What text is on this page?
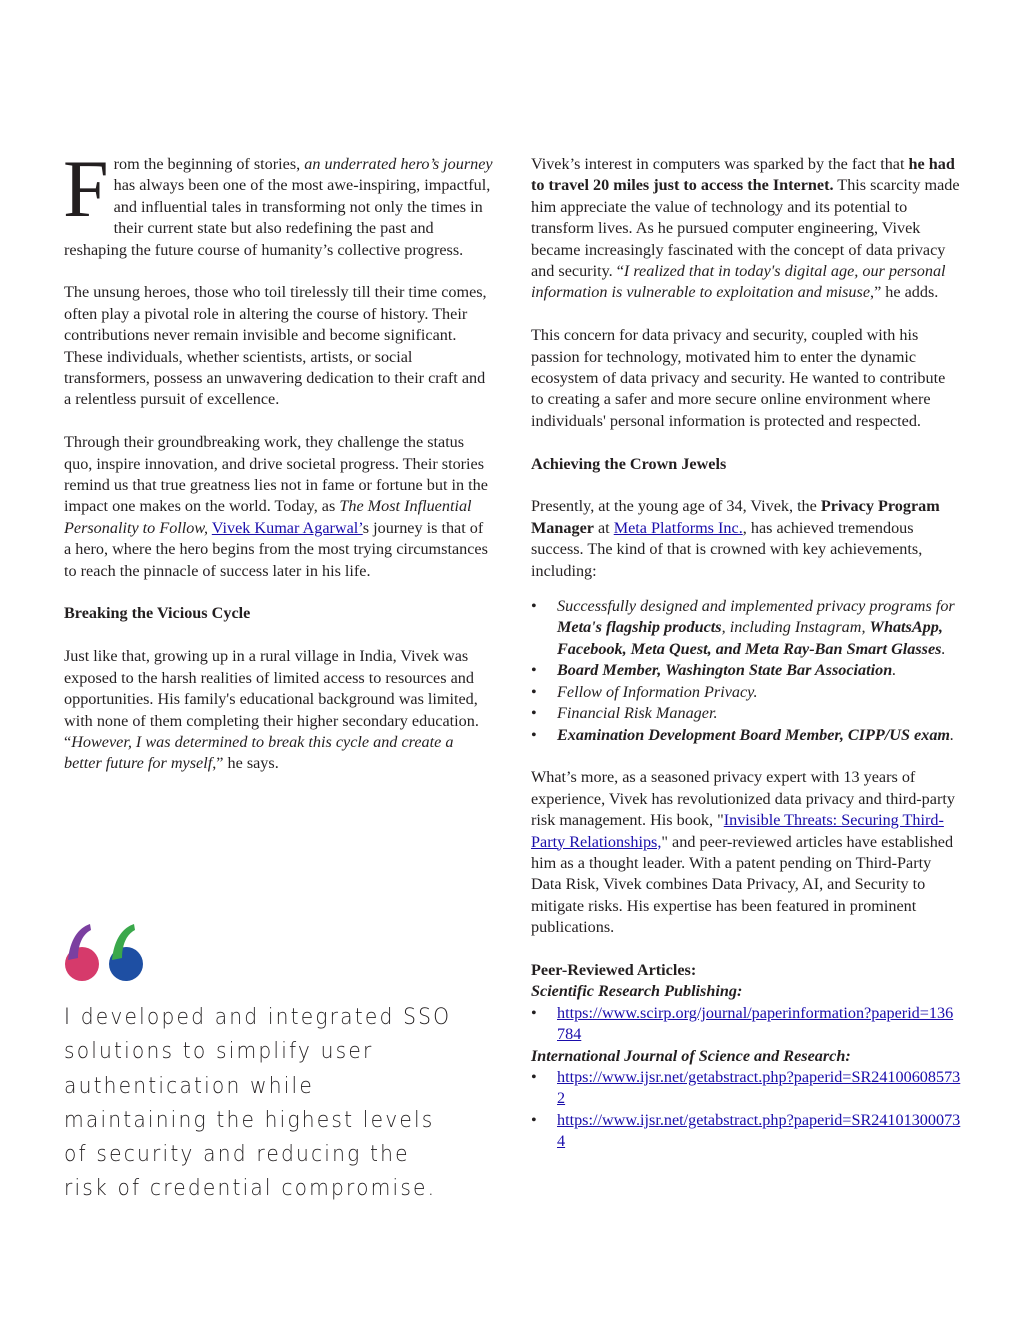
From the beginning of stories, an underrated hero’s journey has always been one of the most awe-inspiring, impactful, and influential tales in transforming not only the times in their current state but also redefining the past and reshaping the future course of humanity’s collective progress.

The unsung heroes, those who toil tirelessly till their time comes, often play a pivotal role in altering the course of history. Their contributions never remain invisible and become significant. These individuals, whether scientists, artists, or social transformers, possess an unwavering dedication to their craft and a relentless pursuit of excellence.

Through their groundbreaking work, they challenge the status quo, inspire innovation, and drive societal progress. Their stories remind us that true greatness lies not in fame or fortune but in the impact one makes on the world. Today, as The Most Influential Personality to Follow, Vivek Kumar Agarwal’s journey is that of a hero, where the hero begins from the most trying circumstances to reach the pinnacle of success later in his life.

Breaking the Vicious Cycle

Just like that, growing up in a rural village in India, Vivek was exposed to the harsh realities of limited access to resources and opportunities. His family's educational background was limited, with none of them completing their higher secondary education. “However, I was determined to break this cycle and create a better future for myself,” he says.

I developed and integrated SSO solutions to simplify user authentication while maintaining the highest levels of security and reducing the risk of credential compromise.

Vivek’s interest in computers was sparked by the fact that he had to travel 20 miles just to access the Internet. This scarcity made him appreciate the value of technology and its potential to transform lives. As he pursued computer engineering, Vivek became increasingly fascinated with the concept of data privacy and security. “I realized that in today's digital age, our personal information is vulnerable to exploitation and misuse,” he adds.

This concern for data privacy and security, coupled with his passion for technology, motivated him to enter the dynamic ecosystem of data privacy and security. He wanted to contribute to creating a safer and more secure online environment where individuals' personal information is protected and respected.

Achieving the Crown Jewels

Presently, at the young age of 34, Vivek, the Privacy Program Manager at Meta Platforms Inc., has achieved tremendous success. The kind of that is crowned with key achievements, including:

• Successfully designed and implemented privacy programs for Meta's flagship products, including Instagram, WhatsApp, Facebook, Meta Quest, and Meta Ray-Ban Smart Glasses.
• Board Member, Washington State Bar Association.
• Fellow of Information Privacy.
• Financial Risk Manager.
• Examination Development Board Member, CIPP/US exam.

What’s more, as a seasoned privacy expert with 13 years of experience, Vivek has revolutionized data privacy and third-party risk management. His book, "Invisible Threats: Securing Third-Party Relationships," and peer-reviewed articles have established him as a thought leader. With a patent pending on Third-Party Data Risk, Vivek combines Data Privacy, AI, and Security to mitigate risks. His expertise has been featured in prominent publications.

Peer-Reviewed Articles:

Scientific Research Publishing:

• https://www.scirp.org/journal/paperinformation?paperid=136784

International Journal of Science and Research:

• https://www.ijsr.net/getabstract.php?paperid=SR241006085732
• https://www.ijsr.net/getabstract.php?paperid=SR241013000734
